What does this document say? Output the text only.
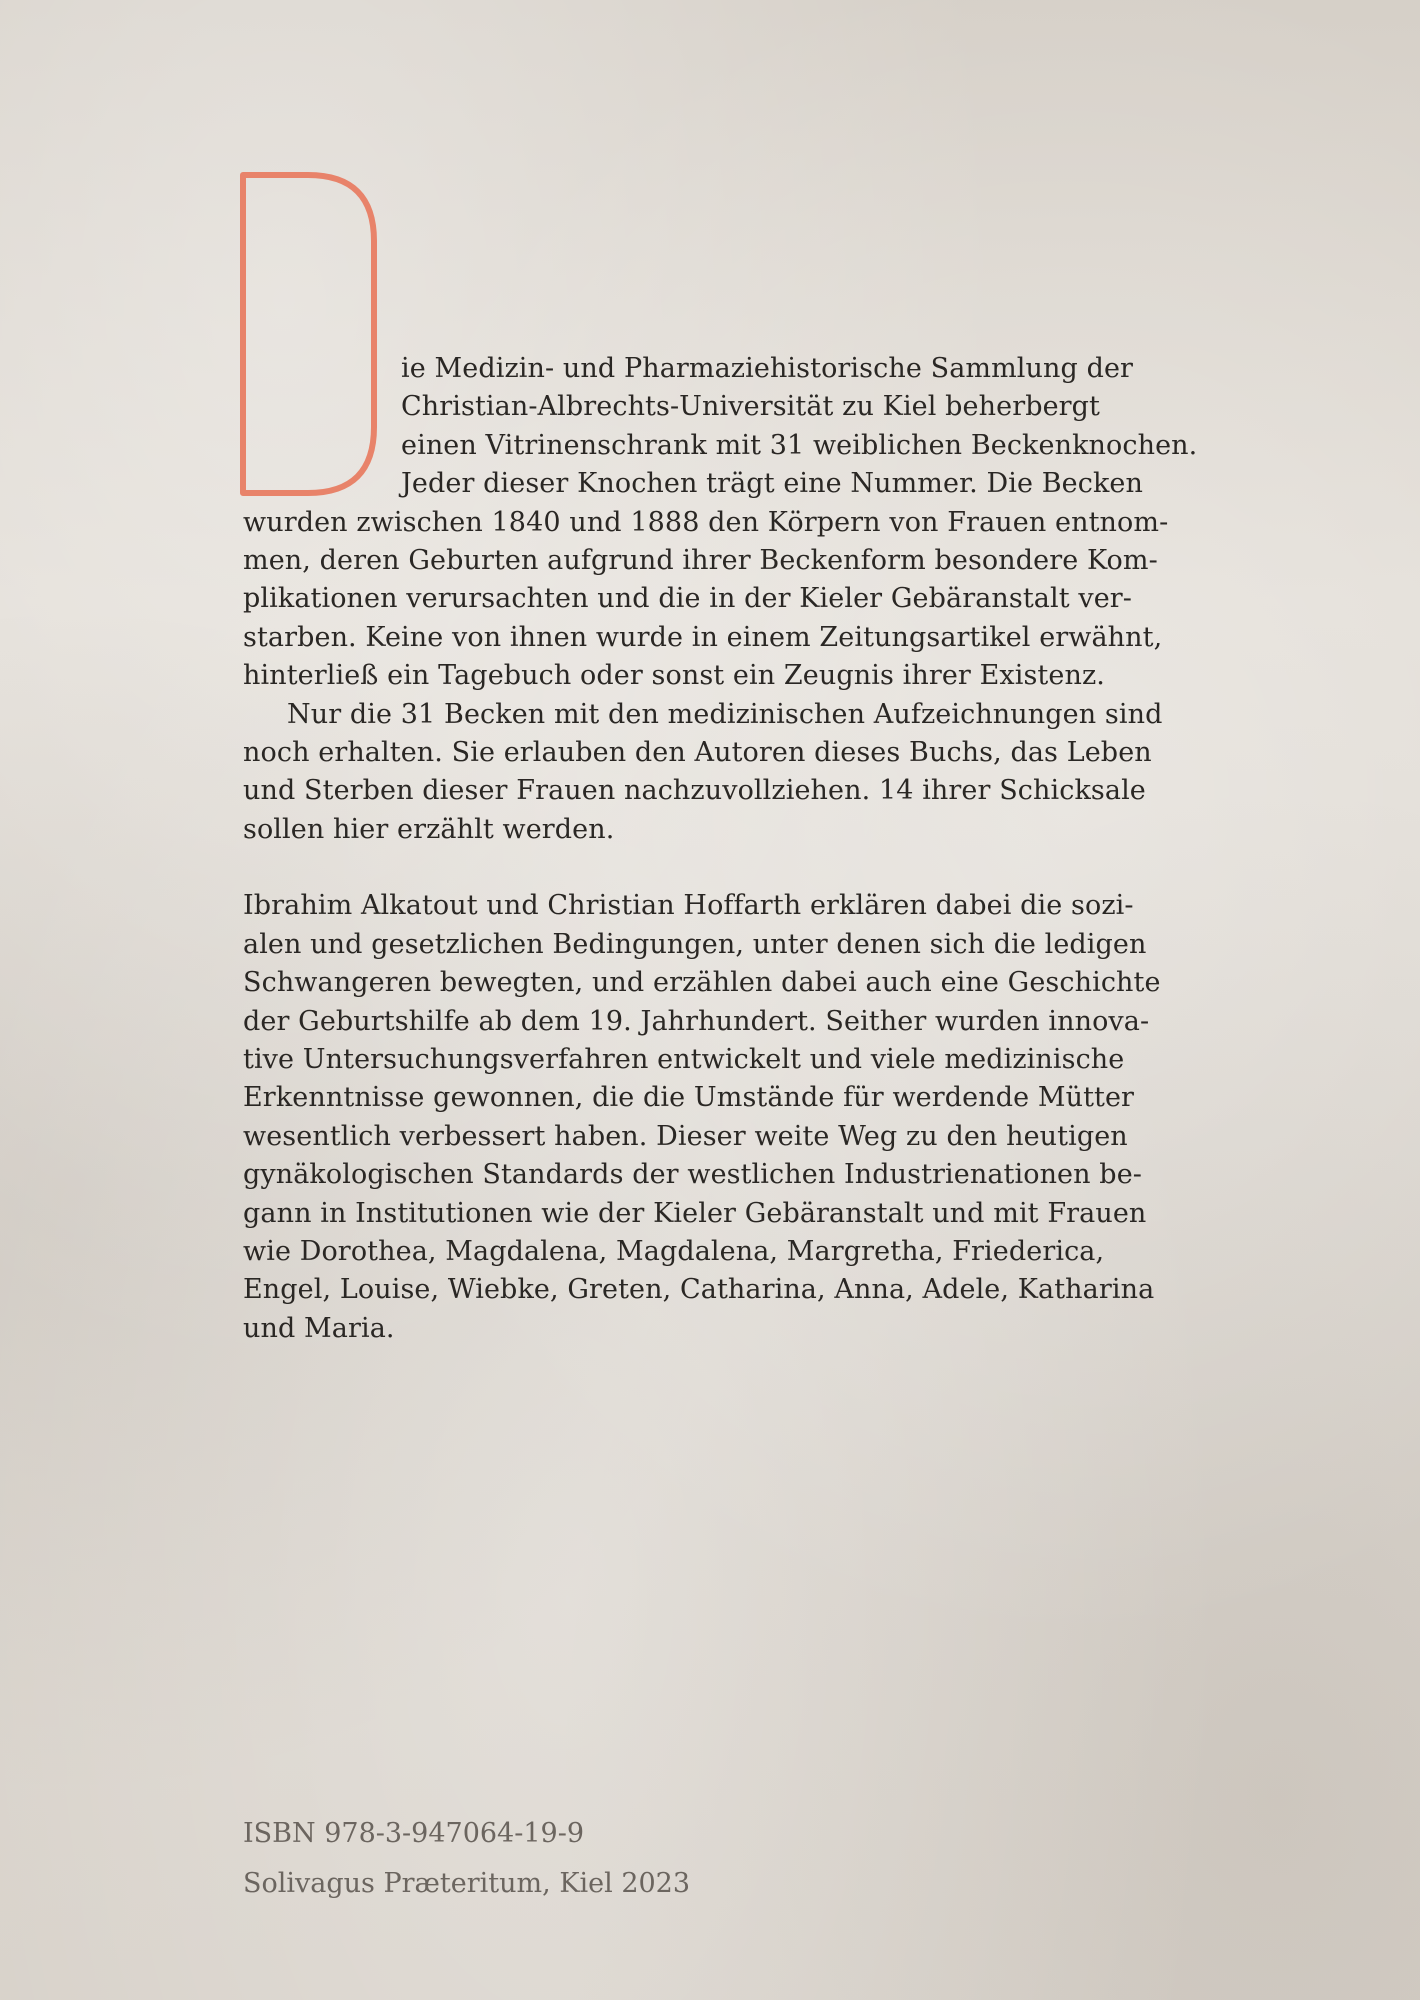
ie Medizin- und Pharmaziehistorische Sammlung der
Christian-Albrechts-Universität zu Kiel beherbergt
einen Vitrinenschrank mit 31 weiblichen Beckenknochen.
Jeder dieser Knochen trägt eine Nummer. Die Becken
wurden zwischen 1840 und 1888 den Körpern von Frauen entnom-
men, deren Geburten aufgrund ihrer Beckenform besondere Kom-
plikationen verursachten und die in der Kieler Gebäranstalt ver-
starben. Keine von ihnen wurde in einem Zeitungsartikel erwähnt,
hinterließ ein Tagebuch oder sonst ein Zeugnis ihrer Existenz.
Nur die 31 Becken mit den medizinischen Aufzeichnungen sind
noch erhalten. Sie erlauben den Autoren dieses Buchs, das Leben
und Sterben dieser Frauen nachzuvollziehen. 14 ihrer Schicksale
sollen hier erzählt werden.
Ibrahim Alkatout und Christian Hoffarth erklären dabei die sozi-
alen und gesetzlichen Bedingungen, unter denen sich die ledigen
Schwangeren bewegten, und erzählen dabei auch eine Geschichte
der Geburtshilfe ab dem 19. Jahrhundert. Seither wurden innova-
tive Untersuchungsverfahren entwickelt und viele medizinische
Erkenntnisse gewonnen, die die Umstände für werdende Mütter
wesentlich verbessert haben. Dieser weite Weg zu den heutigen
gynäkologischen Standards der westlichen Industrienationen be-
gann in Institutionen wie der Kieler Gebäranstalt und mit Frauen
wie Dorothea, Magdalena, Magdalena, Margretha, Friederica,
Engel, Louise, Wiebke, Greten, Catharina, Anna, Adele, Katharina
und Maria.
ISBN 978-3-947064-19-9
Solivagus Præteritum, Kiel 2023
